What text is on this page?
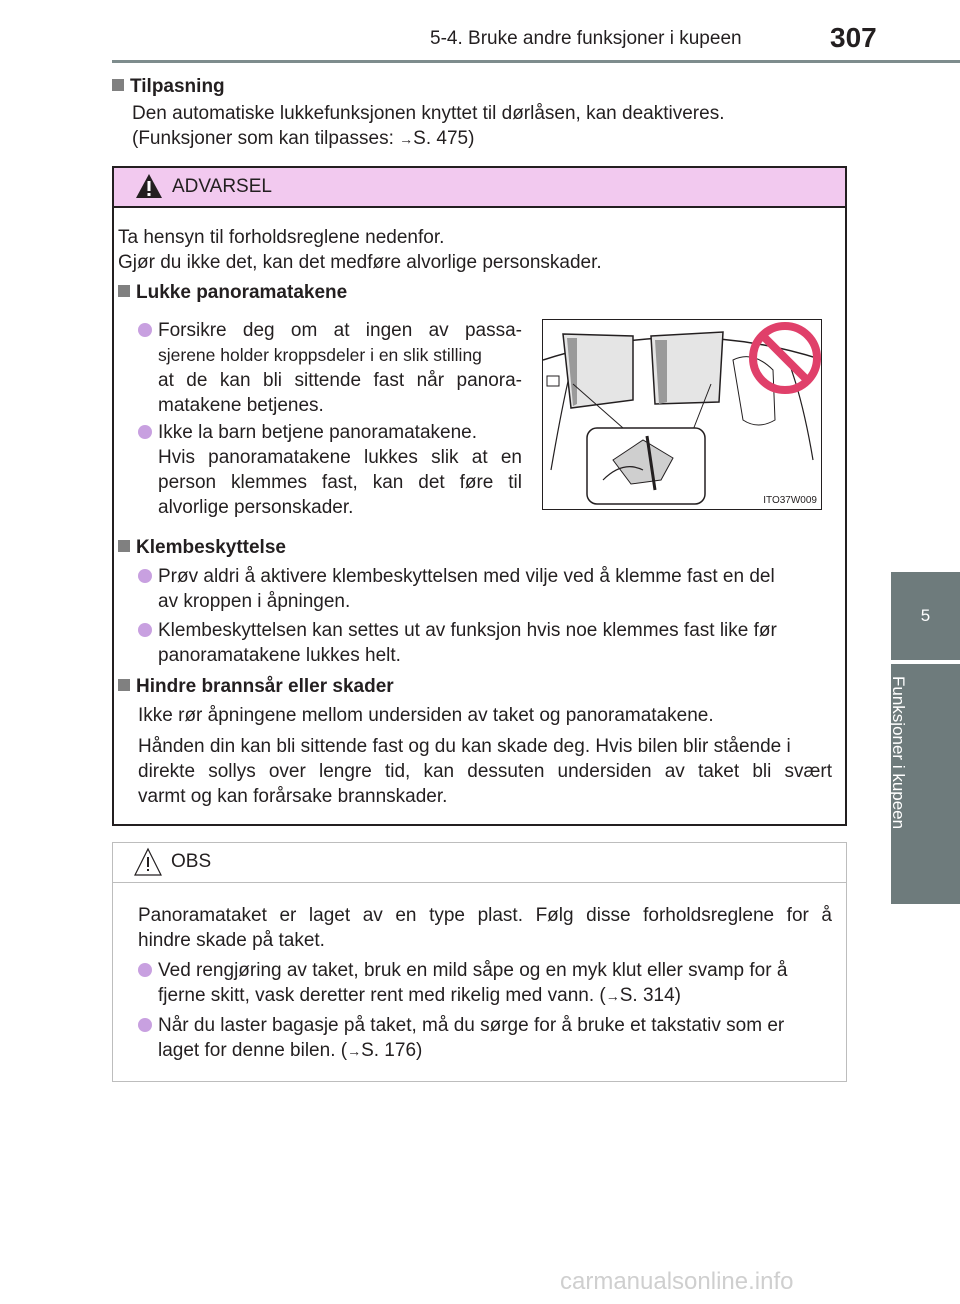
5-4. Bruke andre funksjoner i kupeen	307
5
Funksjoner i kupeen
Tilpasning
Den automatiske lukkefunksjonen knyttet til dørlåsen, kan deaktiveres.
(Funksjoner som kan tilpasses: →S. 475)
ADVARSEL
Ta hensyn til forholdsreglene nedenfor.
Gjør du ikke det, kan det medføre alvorlige personskader.
Lukke panoramatakene
Forsikre deg om at ingen av passa-
sjerene holder kroppsdeler i en slik stilling
at de kan bli sittende fast når panora-
matakene betjenes.
Ikke la barn betjene panoramatakene.
Hvis panoramatakene lukkes slik at en
person klemmes fast, kan det føre til
alvorlige personskader.	ITO37W009
Klembeskyttelse
Prøv aldri å aktivere klembeskyttelsen med vilje ved å klemme fast en del
av kroppen i åpningen.
Klembeskyttelsen kan settes ut av funksjon hvis noe klemmes fast like før
panoramatakene lukkes helt.
Hindre brannsår eller skader
Ikke rør åpningene mellom undersiden av taket og panoramatakene.
Hånden din kan bli sittende fast og du kan skade deg. Hvis bilen blir stående i
direkte sollys over lengre tid, kan dessuten undersiden av taket bli svært
varmt og kan forårsake brannskader.
OBS
Panoramataket er laget av en type plast. Følg disse forholdsreglene for å
hindre skade på taket.
Ved rengjøring av taket, bruk en mild såpe og en myk klut eller svamp for å
fjerne skitt, vask deretter rent med rikelig med vann. (→S. 314)
Når du laster bagasje på taket, må du sørge for å bruke et takstativ som er
laget for denne bilen. (→S. 176)
carmanualsonline.info
